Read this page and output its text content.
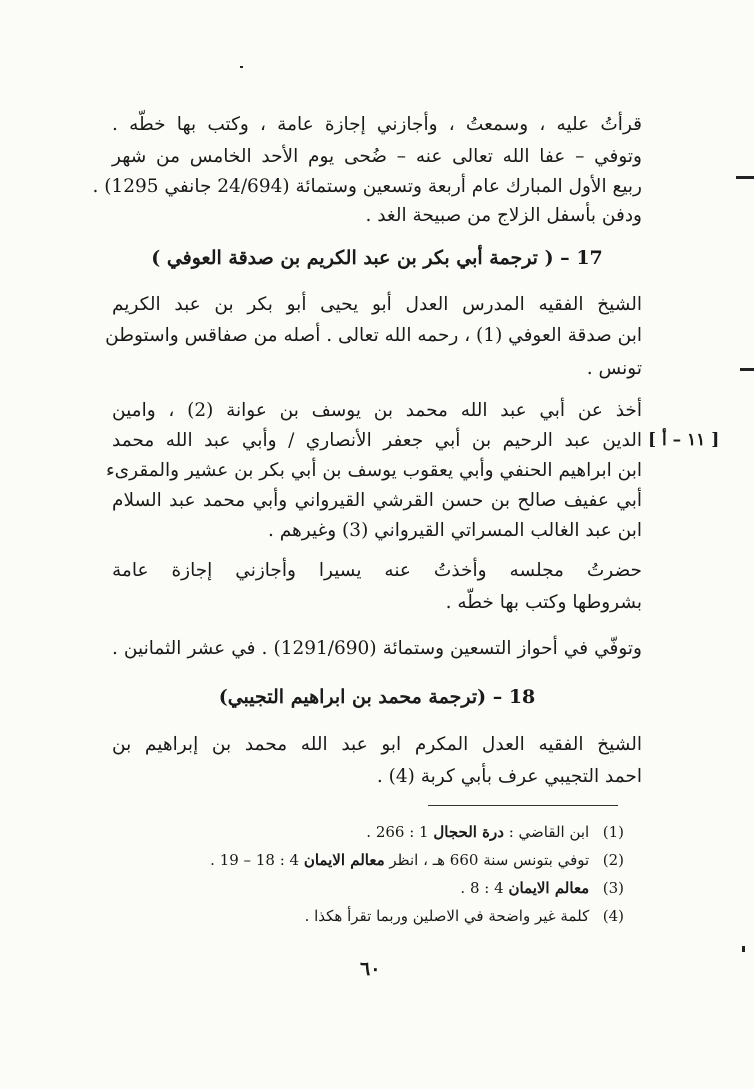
قرأتُ عليه ، وسمعتُ ، وأجازني إجازة عامة ، وكتب بها خطّه .
وتوفي – عفا الله تعالى عنه – ضُحى يوم الأحد الخامس من شهر
ربيع الأول المبارك عام أربعة وتسعين وستمائة (24/694 جانفي 1295) .
ودفن بأسفل الزلاج من صبيحة الغد .
17 – ( ترجمة أبي بكر بن عبد الكريم بن صدقة العوفي )
الشيخ الفقيه المدرس العدل أبو يحيى أبو بكر بن عبد الكريم
ابن صدقة العوفي (1) ، رحمه الله تعالى . أصله من صفاقس واستوطن
تونس .
أخذ عن أبي عبد الله محمد بن يوسف بن عوانة (2) ، وامين
الدين عبد الرحيم بن أبي جعفر الأنصاري / وأبي عبد الله محمد
ابن ابراهيم الحنفي وأبي يعقوب يوسف بن أبي بكر بن عشير والمقرىء
أبي عفيف صالح بن حسن القرشي القيرواني وأبي محمد عبد السلام
ابن عبد الغالب المسراتي القيرواني (3) وغيرهم .
[ ١١ – أ ]
حضرتُ مجلسه وأخذتُ عنه يسيرا وأجازني إجازة عامة
بشروطها وكتب بها خطّه .
وتوفّي في أحواز التسعين وستمائة (1291/690) . في عشر الثمانين .
18 – (ترجمة محمد بن ابراهيم التجيبي)
الشيخ الفقيه العدل المكرم ابو عبد الله محمد بن إبراهيم بن
احمد التجيبي عرف بأبي كربة (4) .
(1) ابن القاضي : درة الحجال 1 : 266 .
(2) توفي بتونس سنة 660 هـ ، انظر معالم الايمان 4 : 18 – 19 .
(3) معالم الايمان 4 : 8 .
(4) كلمة غير واضحة في الاصلين وربما تقرأ هكذا .
٦٠
